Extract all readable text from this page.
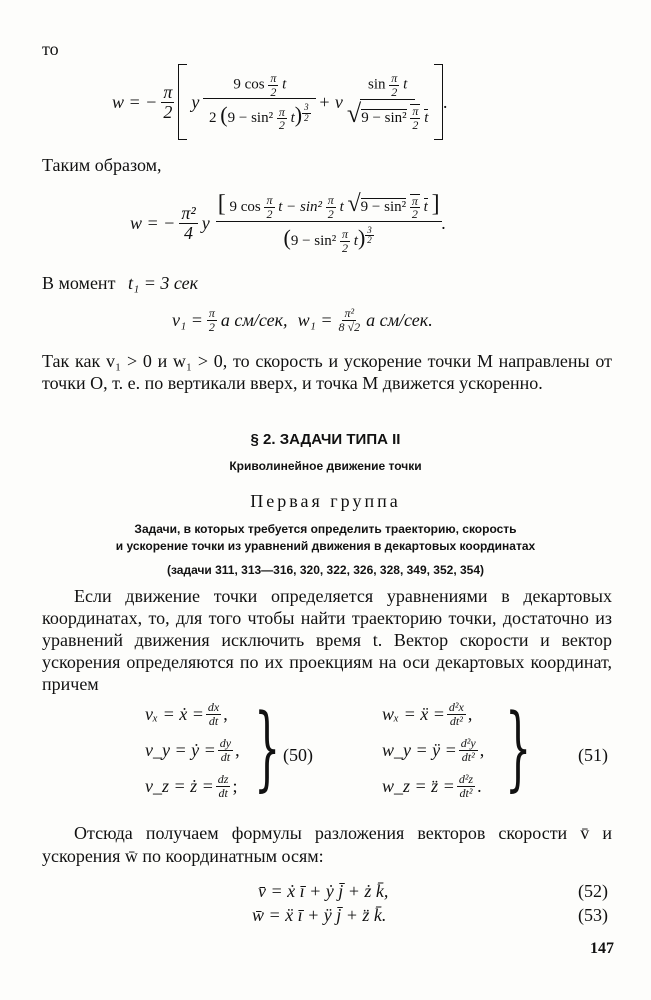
то
w = − $\frac{\pi}{2}$ y 9 $\cos \frac{\pi}{2}$ t
2 $(9 - \sin^2 \frac{\pi}{2} t)$ $^{\frac{3}{2}}$ + v $\frac{\sin \frac{\pi}{2} t}{√9 - \sin^2 \frac{\pi}{2} t}$ .
Таким образом,
w = − $\frac{\text{π²}}{4}$ y
[ 9 $\cos \frac{\pi}{2}$ $t - \sin^2 \frac{\pi}{2}$ t $√9 - \sin^2 \frac{\pi}{2}$ t ]
$(9 - \sin^2 \frac{\pi}{2} t)$ $^{\frac{3}{2}}$
.
В момент t₁ = 3 сек
$v_1 = \frac{\pi}{2}$ a см/сек, $w_1 = \frac{\text{π²}}{8 √2}$ a см/сек.
Так как v₁ > 0 и w₁ > 0, то скорость и ускорение точки M направлены от точки O, т. е. по вертикали вверх, и точка M движется ускоренно.
§ 2. ЗАДАЧИ ТИПА II
Криволинейное движение точки
Первая группа
Задачи, в которых требуется определить траекторию, скорость
и ускорение точки из уравнений движения в декартовых координатах
(задачи 311, 313—316, 320, 322, 326, 328, 349, 352, 354)
Если движение точки определяется уравнениями в декартовых координатах, то, для того чтобы найти траекторию точки, достаточно из уравнений движения исключить время t. Вектор скорости и вектор ускорения определяются по их проекциям на оси декартовых координат, причем
vₓ = ẋ = $\frac{dx}{dt}$ ,
v_y = ẏ = $\frac{dy}{dt}$ ,
v_z = ż = $\frac{dz}{dt}$ ; } (50)
wₓ = ẍ = $\frac{\text{d²x}}{\text{dt²}}$ ,
w_y = ÿ = $\frac{\text{d²y}}{\text{dt²}}$ ,
w_z = z̈ = $\frac{\text{d²z}}{\text{dt²}}$ . }	(51)
Отсюда получаем формулы разложения векторов скорости v̄ и ускорения w̄ по координатным осям:
v̄ = ẋ ī + ẏ j̄ + ż k̄,	(52)
w̄ = ẍ ī + ÿ j̄ + z̈ k̄.	(53)
147
